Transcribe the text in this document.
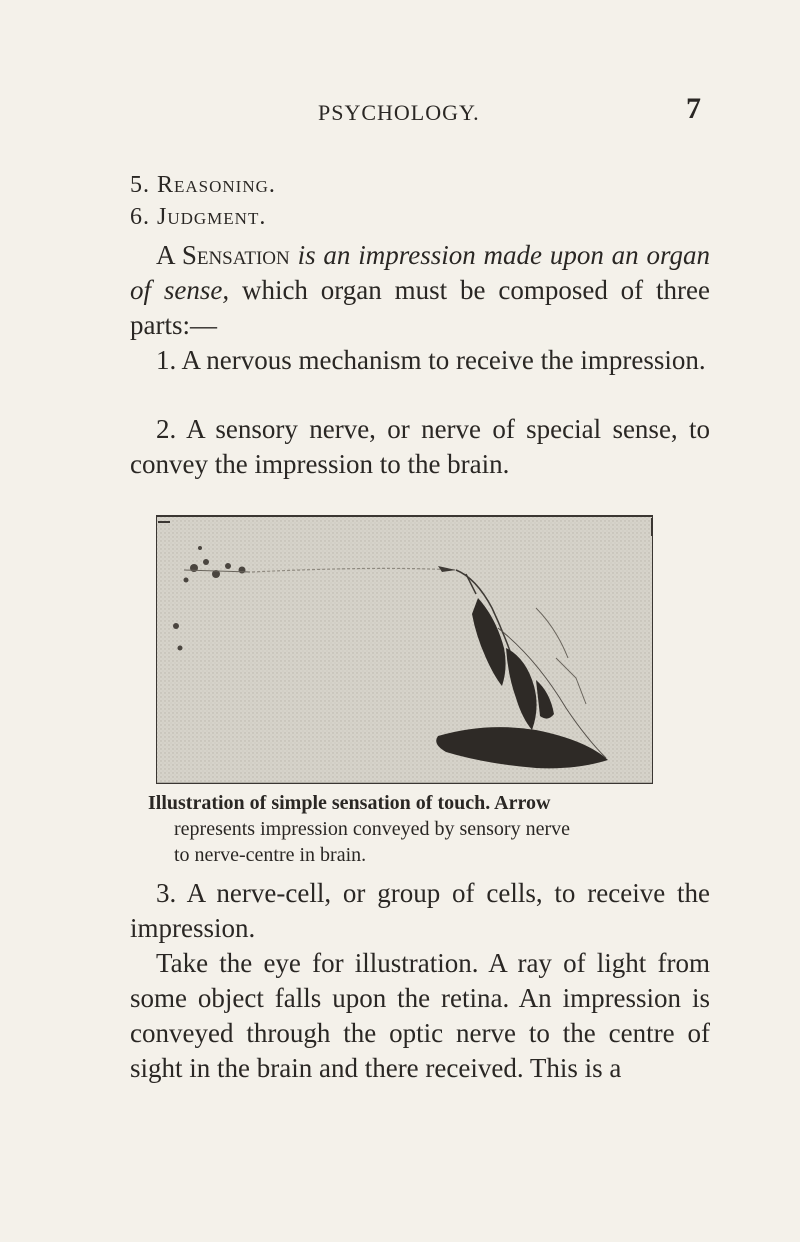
PSYCHOLOGY.	7
5. Reasoning.
6. Judgment.
A Sensation is an impression made upon an organ of sense, which organ must be composed of three parts:—
1. A nervous mechanism to receive the impression.
2. A sensory nerve, or nerve of special sense, to convey the impression to the brain.
Illustration of simple sensation of touch. Arrow
represents impression conveyed by sensory nerve
to nerve-centre in brain.
3. A nerve-cell, or group of cells, to receive the impression.
Take the eye for illustration. A ray of light from some object falls upon the retina. An impression is conveyed through the optic nerve to the centre of sight in the brain and there received. This is a
